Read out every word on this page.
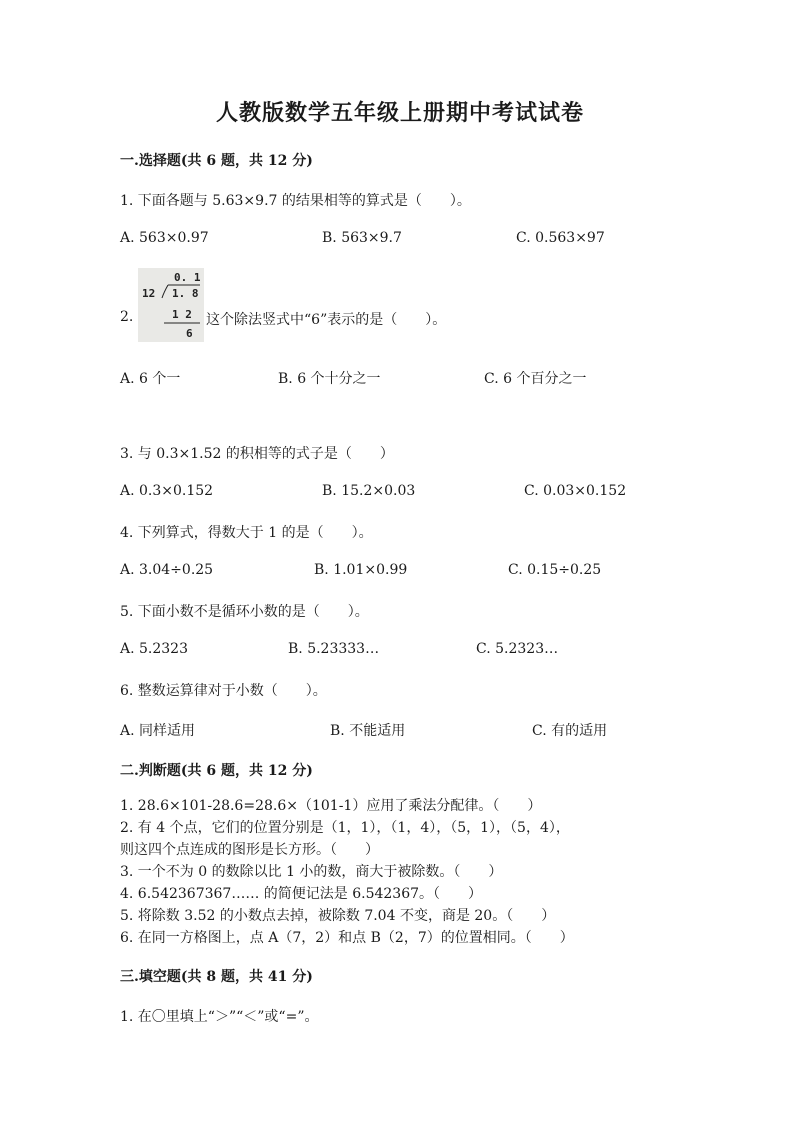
人教版数学五年级上册期中考试试卷
一.选择题(共 6 题，共 12 分)
1. 下面各题与 5.63×9.7 的结果相等的算式是（　　）。
A. 563×0.97	B. 563×9.7	C. 0.563×97
2.
0. 1
12 1. 8
1 2
6
这个除法竖式中“6”表示的是（　　）。
A. 6 个一	B. 6 个十分之一	C. 6 个百分之一
3. 与 0.3×1.52 的积相等的式子是（　　）
A. 0.3×0.152	B. 15.2×0.03	C. 0.03×0.152
4. 下列算式，得数大于 1 的是（　　）。
A. 3.04÷0.25	B. 1.01×0.99	C. 0.15÷0.25
5. 下面小数不是循环小数的是（　　）。
A. 5.2323	B. 5.23333…	C. 5.2323…
6. 整数运算律对于小数（　　）。
A. 同样适用	B. 不能适用	C. 有的适用
二.判断题(共 6 题，共 12 分)
1. 28.6×101-28.6=28.6×（101-1）应用了乘法分配律。（　　）
2. 有 4 个点，它们的位置分别是（1，1），（1，4），（5，1），（5，4），
则这四个点连成的图形是长方形。（　　）
3. 一个不为 0 的数除以比 1 小的数，商大于被除数。（　　）
4. 6.542367367…… 的简便记法是 6.542367。（　　）
5. 将除数 3.52 的小数点去掉，被除数 7.04 不变，商是 20。（　　）
6. 在同一方格图上，点 A（7，2）和点 B（2，7）的位置相同。（　　）
三.填空题(共 8 题，共 41 分)
1. 在〇里填上“＞”“＜”或“=”。
